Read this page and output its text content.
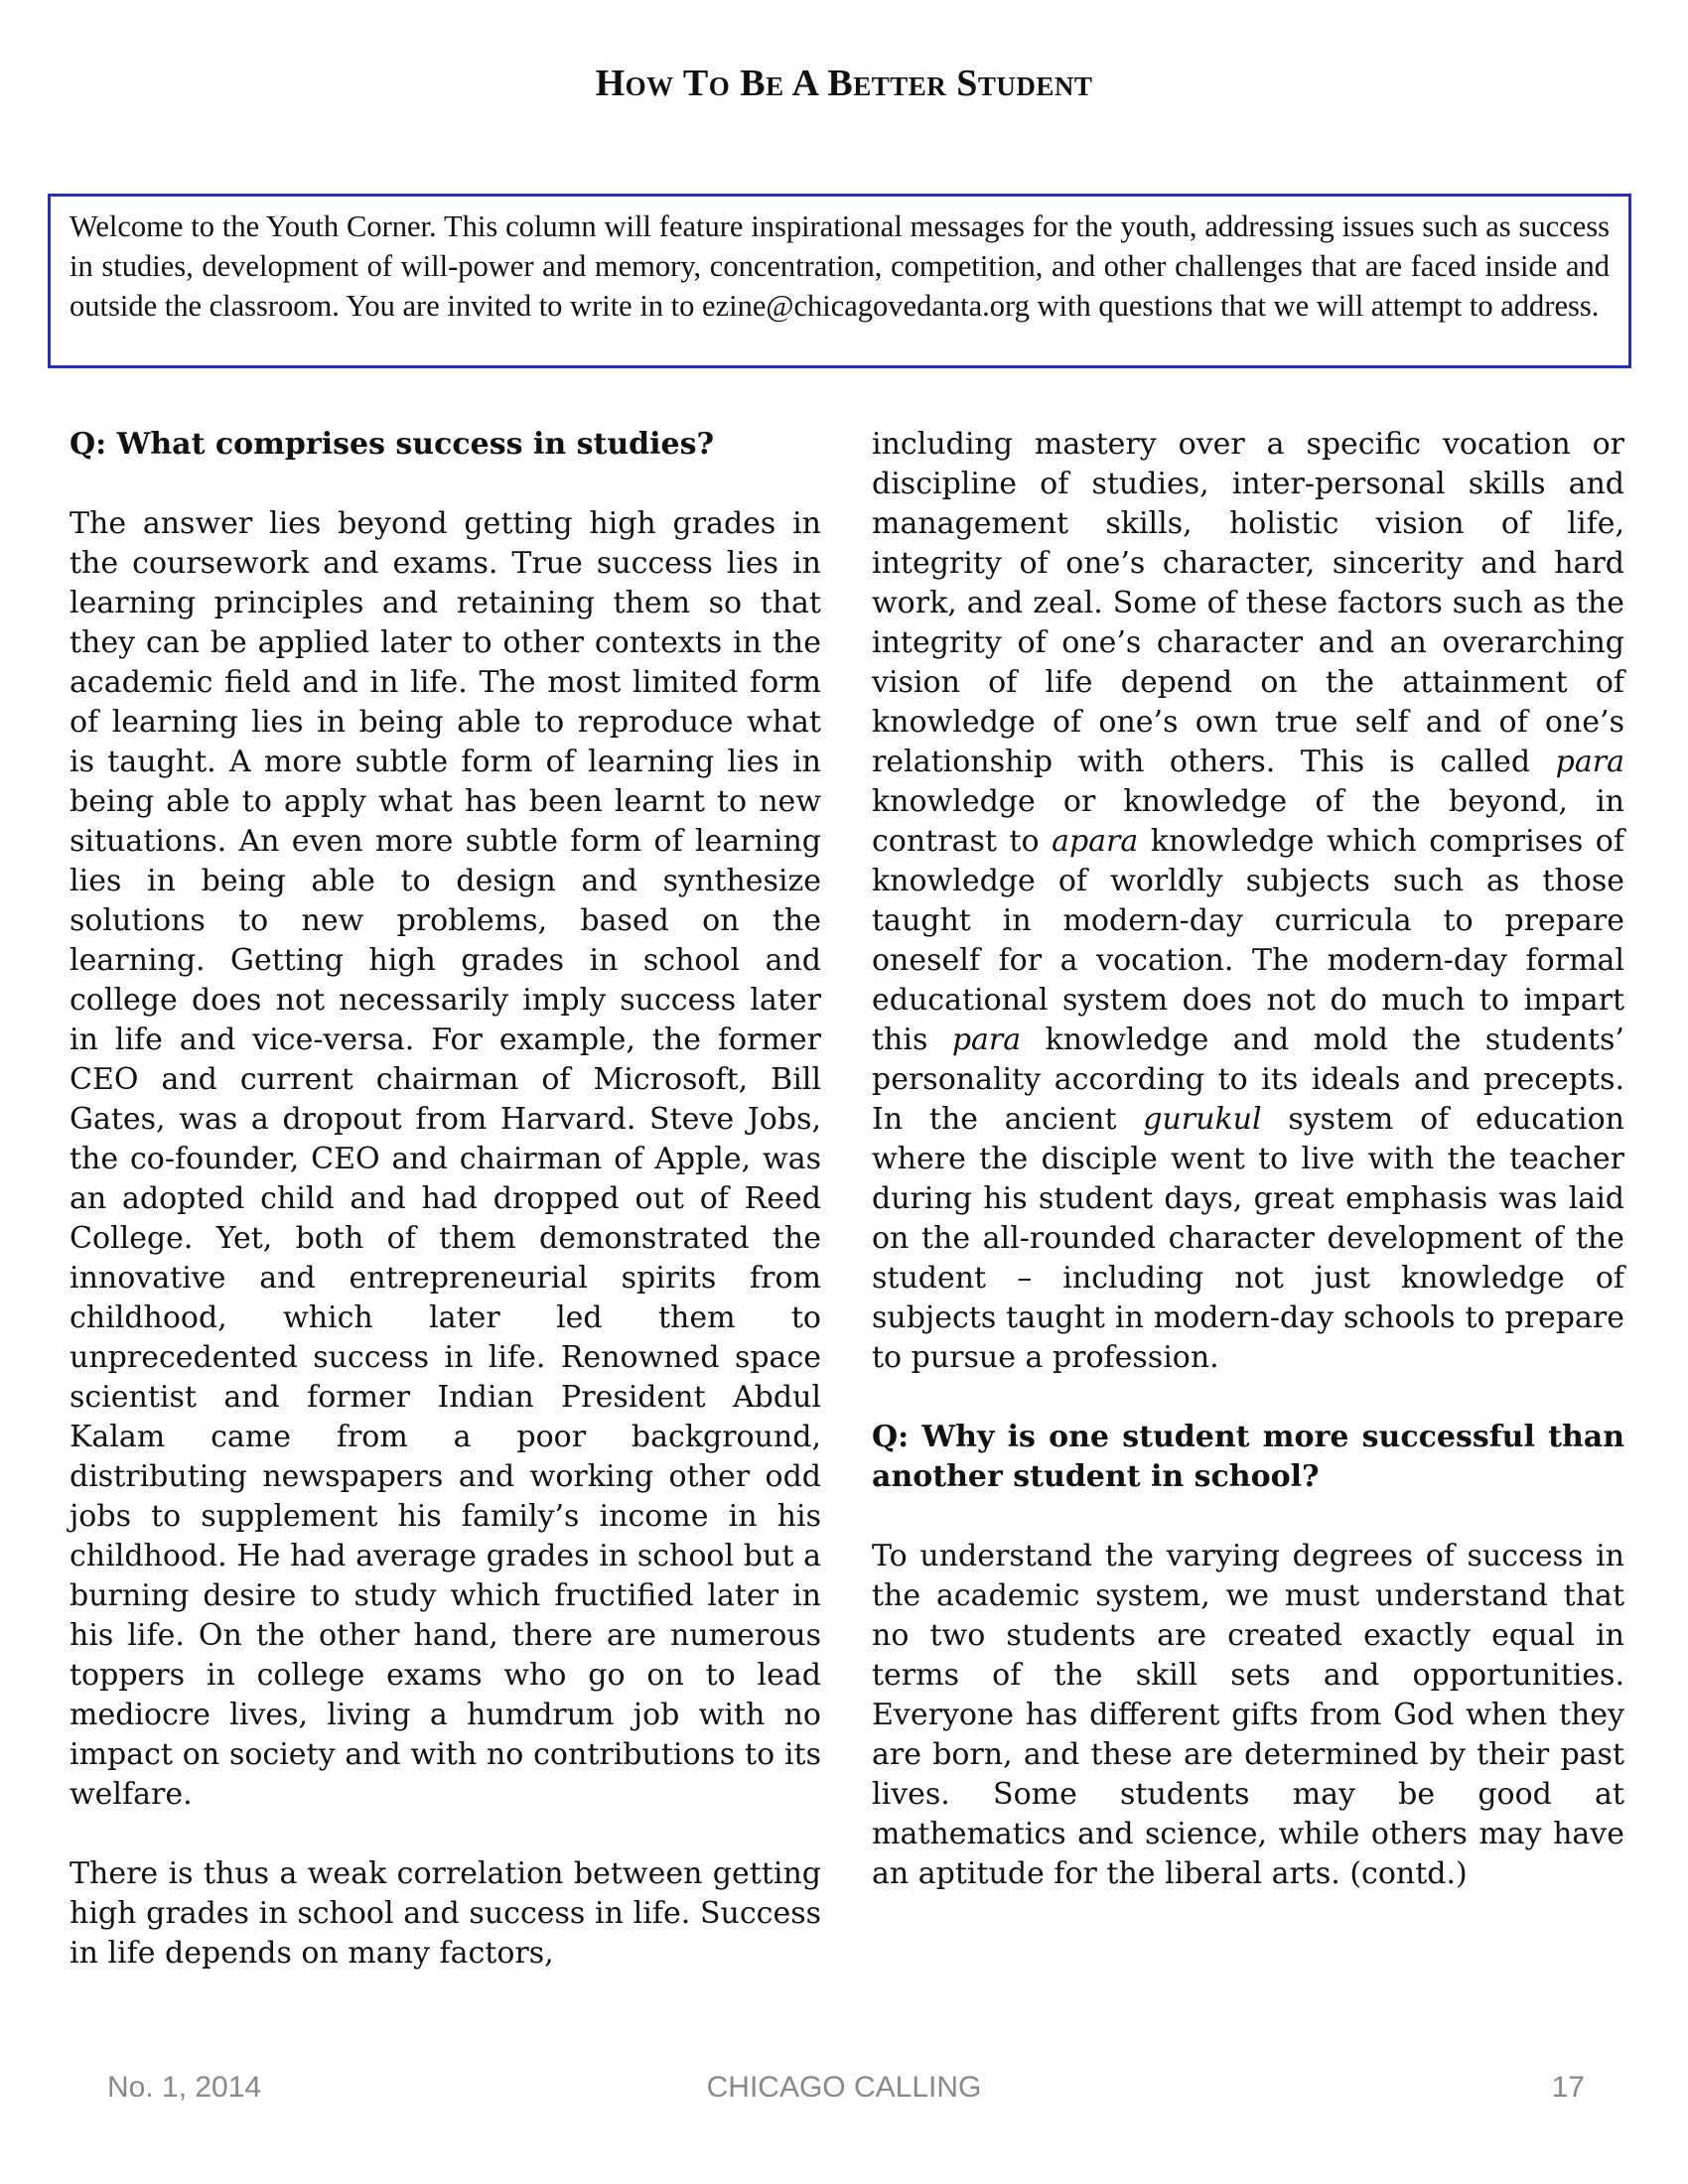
How To Be A Better Student
Welcome to the Youth Corner. This column will feature inspirational messages for the youth, addressing issues such as success in studies, development of will-power and memory, concentration, competition, and other challenges that are faced inside and outside the classroom. You are invited to write in to ezine@chicagovedanta.org with questions that we will attempt to address.

Q: What comprises success in studies?

The answer lies beyond getting high grades in the coursework and exams. True success lies in learning principles and retaining them so that they can be applied later to other contexts in the academic field and in life. The most limited form of learning lies in being able to reproduce what is taught. A more subtle form of learning lies in being able to apply what has been learnt to new situations. An even more subtle form of learning lies in being able to design and synthesize solutions to new problems, based on the learning. Getting high grades in school and college does not necessarily imply success later in life and vice-versa. For example, the former CEO and current chairman of Microsoft, Bill Gates, was a dropout from Harvard. Steve Jobs, the co-founder, CEO and chairman of Apple, was an adopted child and had dropped out of Reed College. Yet, both of them demonstrated the innovative and entrepreneurial spirits from childhood, which later led them to unprecedented success in life. Renowned space scientist and former Indian President Abdul Kalam came from a poor background, distributing newspapers and working other odd jobs to supplement his family’s income in his childhood. He had average grades in school but a burning desire to study which fructified later in his life. On the other hand, there are numerous toppers in college exams who go on to lead mediocre lives, living a humdrum job with no impact on society and with no contributions to its welfare.

There is thus a weak correlation between getting high grades in school and success in life. Success in life depends on many factors,

including mastery over a specific vocation or discipline of studies, inter-personal skills and management skills, holistic vision of life, integrity of one’s character, sincerity and hard work, and zeal. Some of these factors such as the integrity of one’s character and an overarching vision of life depend on the attainment of knowledge of one’s own true self and of one’s relationship with others. This is called para knowledge or knowledge of the beyond, in contrast to apara knowledge which comprises of knowledge of worldly subjects such as those taught in modern-day curricula to prepare oneself for a vocation. The modern-day formal educational system does not do much to impart this para knowledge and mold the students’ personality according to its ideals and precepts. In the ancient gurukul system of education where the disciple went to live with the teacher during his student days, great emphasis was laid on the all-rounded character development of the student – including not just knowledge of subjects taught in modern-day schools to prepare to pursue a profession.

Q: Why is one student more successful than another student in school?

To understand the varying degrees of success in the academic system, we must understand that no two students are created exactly equal in terms of the skill sets and opportunities. Everyone has different gifts from God when they are born, and these are determined by their past lives. Some students may be good at mathematics and science, while others may have an aptitude for the liberal arts. (contd.)

No. 1, 2014	CHICAGO CALLING	17
